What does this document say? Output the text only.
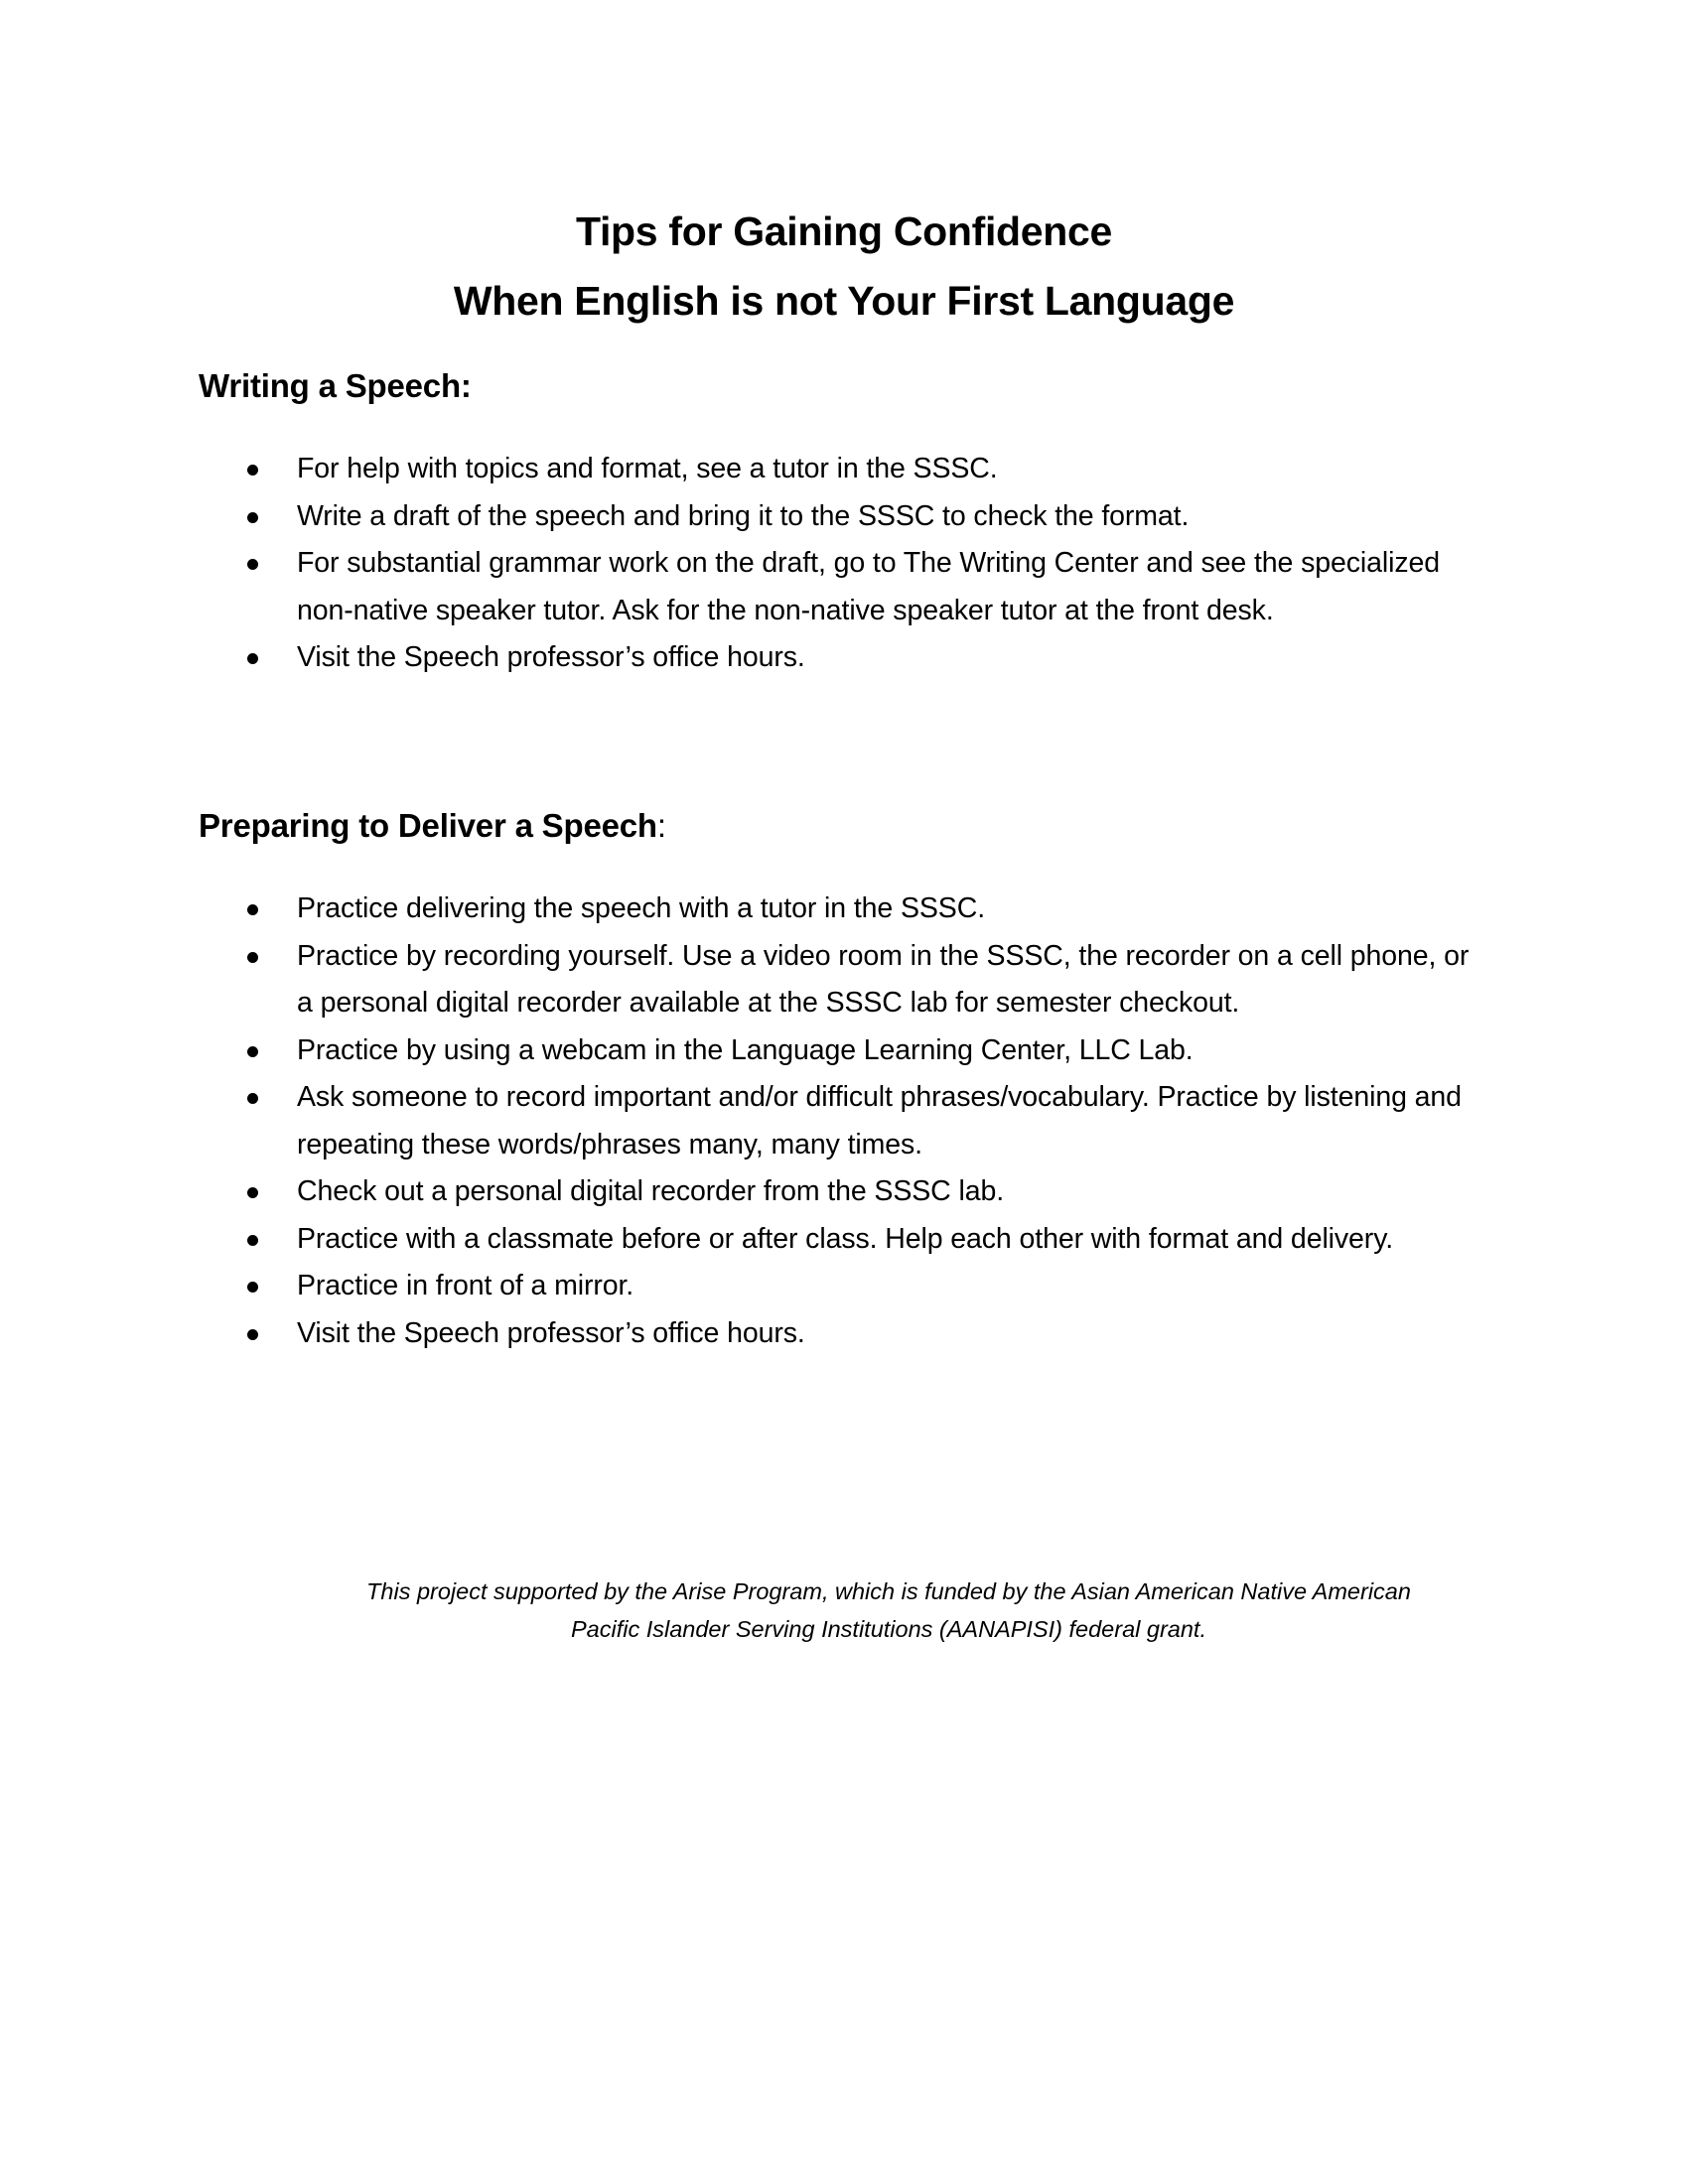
Tips for Gaining Confidence
When English is not Your First Language
Writing a Speech:
For help with topics and format, see a tutor in the SSSC.
Write a draft of the speech and bring it to the SSSC to check the format.
For substantial grammar work on the draft, go to The Writing Center and see the specialized non-native speaker tutor. Ask for the non-native speaker tutor at the front desk.
Visit the Speech professor’s office hours.
Preparing to Deliver a Speech:
Practice delivering the speech with a tutor in the SSSC.
Practice by recording yourself. Use a video room in the SSSC, the recorder on a cell phone, or a personal digital recorder available at the SSSC lab for semester checkout.
Practice by using a webcam in the Language Learning Center, LLC Lab.
Ask someone to record important and/or difficult phrases/vocabulary. Practice by listening and repeating these words/phrases many, many times.
Check out a personal digital recorder from the SSSC lab.
Practice with a classmate before or after class. Help each other with format and delivery.
Practice in front of a mirror.
Visit the Speech professor’s office hours.
This project supported by the Arise Program, which is funded by the Asian American Native American
Pacific Islander Serving Institutions (AANAPISI) federal grant.
